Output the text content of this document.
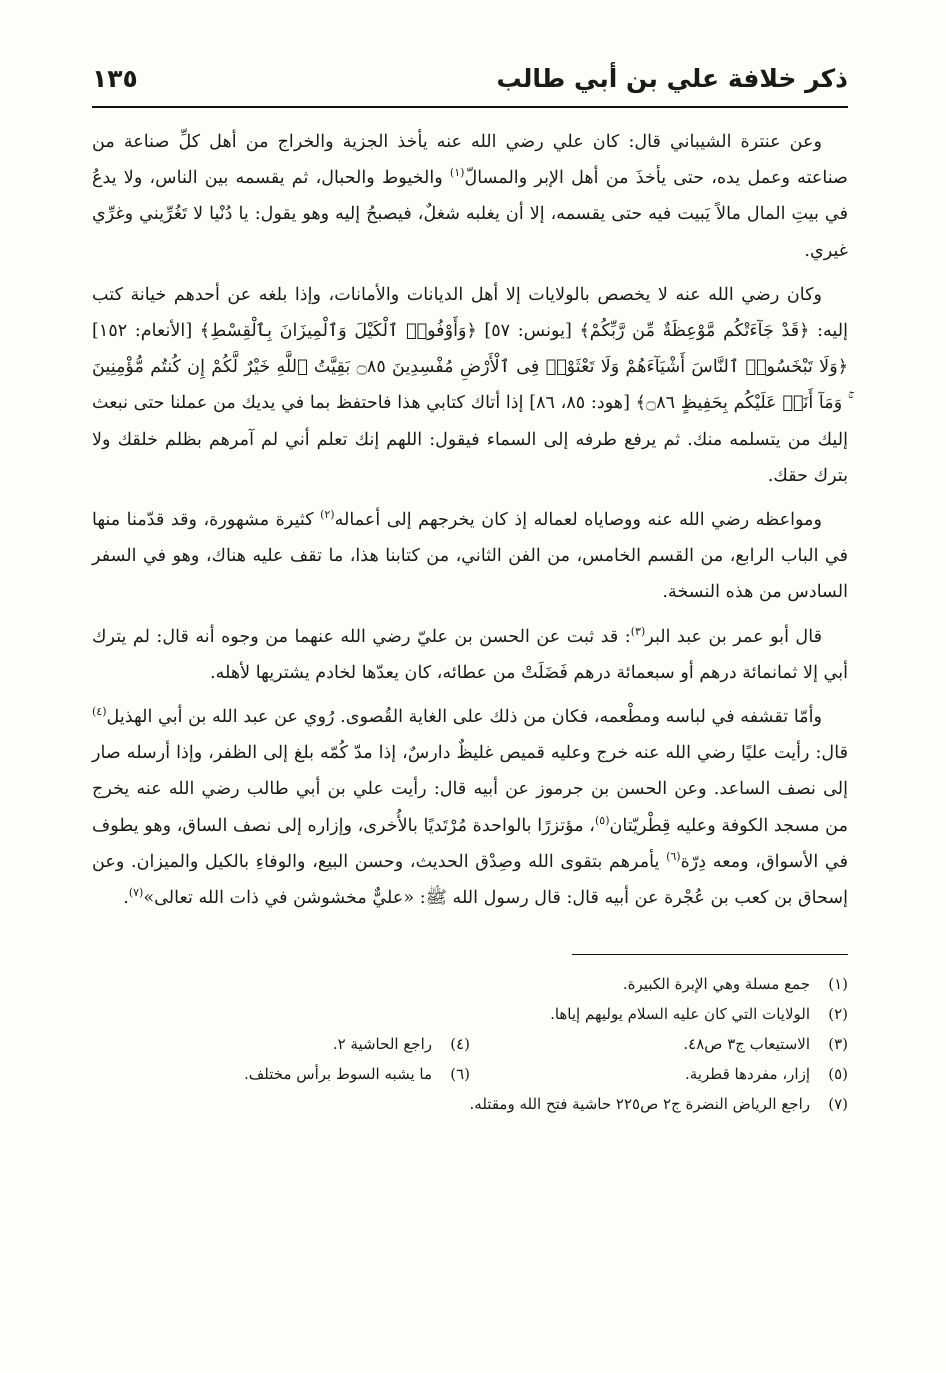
ذكر خلافة علي بن أبي طالب
١٣٥

وعن عنترة الشيباني قال: كان علي رضي الله عنه يأخذ الجزية والخراج من أهل كلِّ صناعة من صناعته وعمل يده، حتى يأخذَ من أهل الإبر والمسالّ$^{(١)}$ والخيوط والحبال، ثم يقسمه بين الناس، ولا يدعُ في بيتِ المال مالاً يَبيت فيه حتى يقسمه، إلا أن يغلبه شغلٌ، فيصبحُ إليه وهو يقول: يا دُنْيا لا تَغُرِّيني وغرِّي غيري.

وكان رضي الله عنه لا يخصص بالولايات إلا أهل الديانات والأمانات، وإذا بلغه عن أحدهم خيانة كتب إليه: ﴿قَدْ جَآءَتْكُم مَّوْعِظَةٌ مِّن رَّبِّكُمْ﴾ [يونس: ٥٧] ﴿وَأَوْفُوا۟ ٱلْكَيْلَ وَٱلْمِيزَانَ بِٱلْقِسْطِ﴾ [الأنعام: ١٥٢] ﴿وَلَا تَبْخَسُوا۟ ٱلنَّاسَ أَشْيَآءَهُمْ وَلَا تَعْثَوْا۟ فِى ٱلْأَرْضِ مُفْسِدِينَ ۝٨٥ بَقِيَّتُ ٱللَّهِ خَيْرٌ لَّكُمْ إِن كُنتُم مُّؤْمِنِينَ ۚ وَمَآ أَنَا۠ عَلَيْكُم بِحَفِيظٍ ۝٨٦﴾ [هود: ٨٥، ٨٦] إذا أتاك كتابي هذا فاحتفظ بما في يديك من عملنا حتى نبعث إليك من يتسلمه منك. ثم يرفع طرفه إلى السماء فيقول: اللهم إنك تعلم أني لم آمرهم بظلم خلقك ولا بترك حقك.

ومواعظه رضي الله عنه ووصاياه لعماله إذ كان يخرجهم إلى أعماله$^{(٢)}$ كثيرة مشهورة، وقد قدّمنا منها في الباب الرابع، من القسم الخامس، من الفن الثاني، من كتابنا هذا، ما تقف عليه هناك، وهو في السفر السادس من هذه النسخة.

قال أبو عمر بن عبد البر$^{(٣)}$: قد ثبت عن الحسن بن عليّ رضي الله عنهما من وجوه أنه قال: لم يترك أبي إلا ثمانمائة درهم أو سبعمائة درهم فَضَلَتْ من عطائه، كان يعدّها لخادم يشتريها لأهله.

وأمّا تقشفه في لباسه ومطْعمه، فكان من ذلك على الغاية القُصوى. رُوي عن عبد الله بن أبي الهذيل$^{(٤)}$ قال: رأيت عليًا رضي الله عنه خرج وعليه قميص غليظٌ دارسٌ، إذا مدّ كُمّه بلغ إلى الظفر، وإذا أرسله صار إلى نصف الساعد. وعن الحسن بن جرموز عن أبيه قال: رأيت علي بن أبي طالب رضي الله عنه يخرج من مسجد الكوفة وعليه قِطْريّتان$^{(٥)}$، مؤتزرًا بالواحدة مُرْتَديًا بالأُخرى، وإزاره إلى نصف الساق، وهو يطوف في الأسواق، ومعه دِرّة$^{(٦)}$ يأمرهم بتقوى الله وصِدْق الحديث، وحسن البيع، والوفاءِ بالكيل والميزان. وعن إسحاق بن كعب بن عُجْرة عن أبيه قال: قال رسول الله ﷺ: «عليٌّ مخشوشن في ذات الله تعالى»$^{(٧)}$.

(١)جمع مسلة وهي الإبرة الكبيرة.
(٢)الولايات التي كان عليه السلام يوليهم إياها.
(٣)الاستيعاب ج٣ ص٤٨.
(٤)راجع الحاشية ٢.
(٥)إزار، مفردها قطرية.
(٦)ما يشبه السوط برأس مختلف.
(٧)راجع الرياض النضرة ج٢ ص٢٢٥ حاشية فتح الله ومقتله.
